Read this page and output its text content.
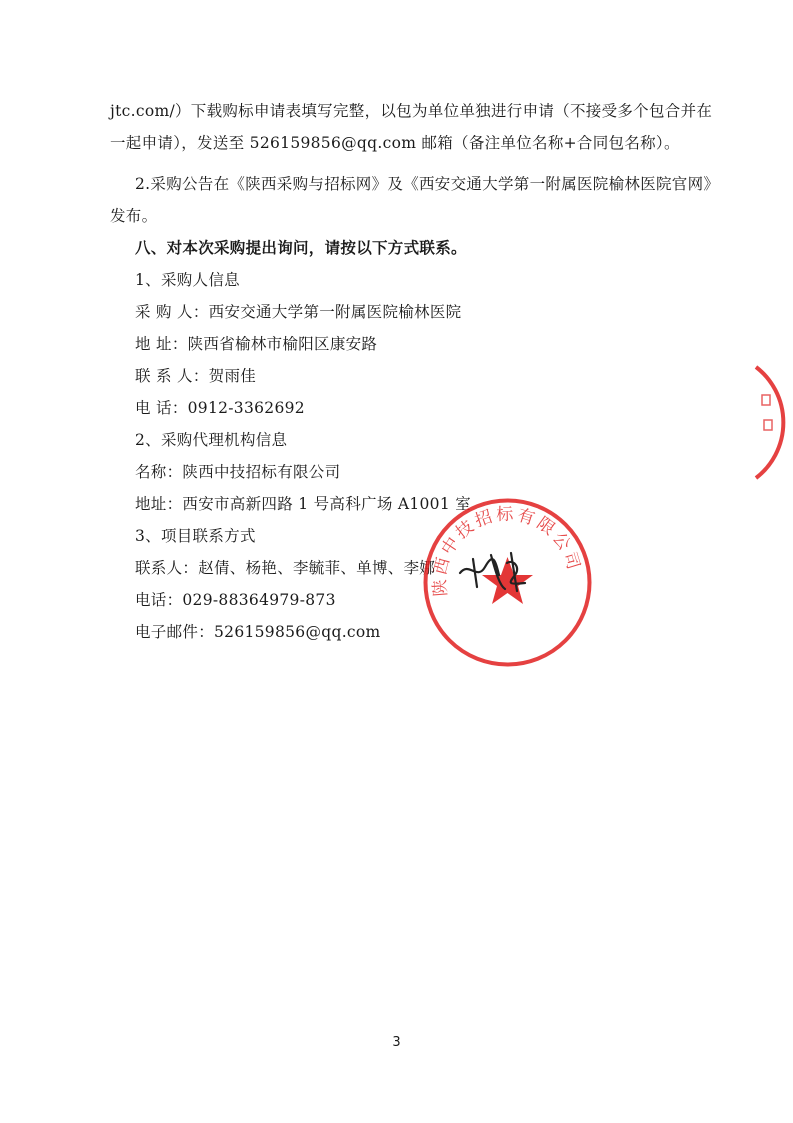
jtc.com/）下载购标申请表填写完整，以包为单位单独进行申请（不接受多个包合并在
一起申请），发送至 526159856@qq.com 邮箱（备注单位名称+合同包名称）。
2.采购公告在《陕西采购与招标网》及《西安交通大学第一附属医院榆林医院官网》
发布。
八、对本次采购提出询问，请按以下方式联系。
1、采购人信息
采 购 人：西安交通大学第一附属医院榆林医院
地 址：陕西省榆林市榆阳区康安路
联 系 人：贺雨佳
电 话：0912-3362692
2、采购代理机构信息
名称：陕西中技招标有限公司
地址：西安市高新四路 1 号高科广场 A1001 室
3、项目联系方式
联系人：赵倩、杨艳、李毓菲、单博、李娜
电话：029-88364979-873
电子邮件：526159856@qq.com
陕西中技招标有限公司
3
